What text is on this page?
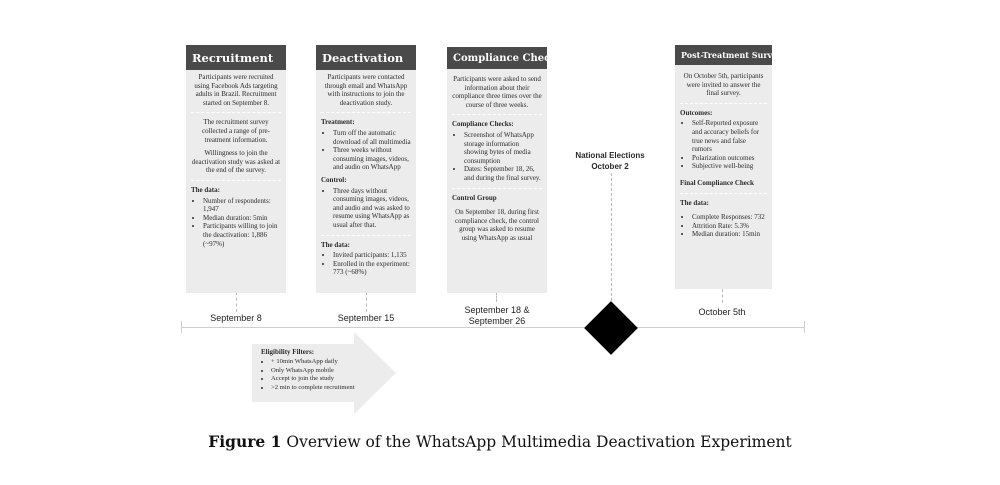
Recruitment
Participants were recruited using Facebook Ads targeting adults in Brazil. Recruitment started on September 8.
The recruitment survey collected a range of pre-treatment information.
Willingness to join the deactivation study was asked at the end of the survey.
The data:
• Number of respondents: 1,947
• Median duration: 5min
• Participants willing to join the deactivation: 1,886 (~97%)
Deactivation
Participants were contacted through email and WhatsApp with instructions to join the deactivation study.
Treatment:
• Turn off the automatic download of all multimedia
• Three weeks without consuming images, videos, and audio on WhatsApp
Control:
• Three days without consuming images, videos, and audio and was asked to resume using WhatsApp as usual after that.
The data:
• Invited participants: 1,135
• Enrolled in the experiment: 773 (~68%)
Compliance Checks
Participants were asked to send information about their compliance three times over the course of three weeks.
Compliance Checks:
• Screenshot of WhatsApp storage information showing bytes of media consumption
• Dates: September 18, 26, and during the final survey.
Control Group
On September 18, during first compliance check, the control group was asked to resume using WhatsApp as usual
Post-Treatment Survey
On October 5th, participants were invited to answer the final survey.
Outcomes:
• Self-Reported exposure and accuracy beliefs for true news and false rumors
• Polarization outcomes
• Subjective well-being
Final Compliance Check
The data:
• Complete Responses: 732
• Attrition Rate: 5.3%
• Median duration: 15min
National Elections
October 2
September 8	September 15
September 18 &
September 26
October 5th
Eligibility Filters:
• + 10min WhatsApp daily
• Only WhatsApp mobile
• Accept to join the study
• >2 min to complete recruitment
Figure 1 Overview of the WhatsApp Multimedia Deactivation Experiment
